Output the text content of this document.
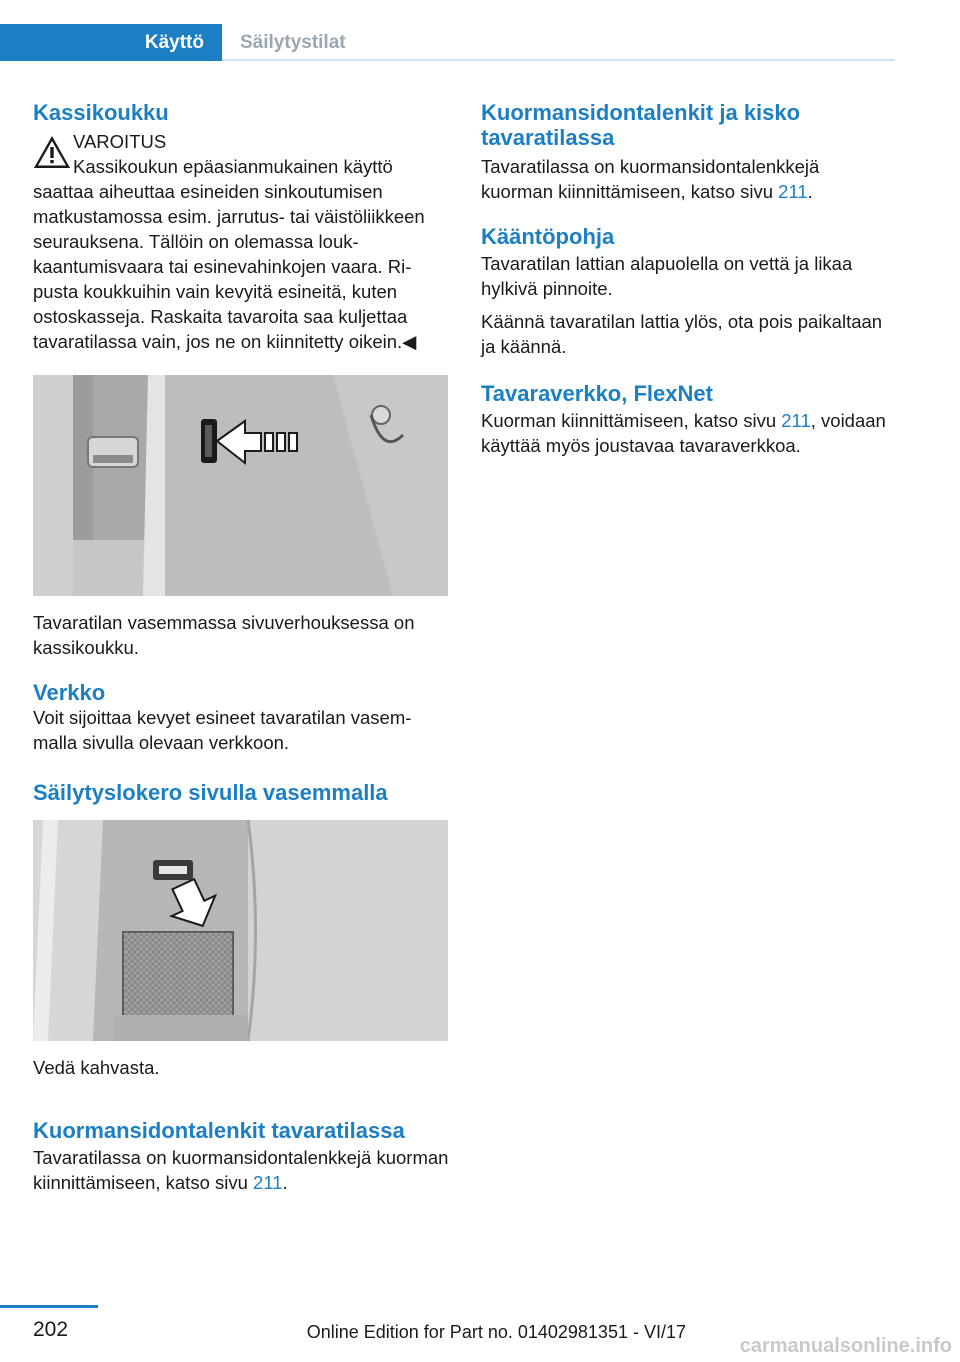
Käyttö Säilytystilat
Kassikoukku
VAROITUS
Kassikoukun epäasianmukainen käyttö

saattaa aiheuttaa esineiden sinkoutumisen matkustamossa esim. jarrutus- tai väistöliikkeen seurauksena. Tällöin on olemassa loukkaantumisvaara tai esinevahinkojen vaara. Ripusta koukkuihin vain kevyitä esineitä, kuten ostoskasseja. Raskaita tavaroita saa kuljettaa tavaratilassa vain, jos ne on kiinnitetty oikein.◀

Tavaratilan vasemmassa sivuverhouksessa on kassikoukku.

Verkko

Voit sijoittaa kevyet esineet tavaratilan vasemmalla sivulla olevaan verkkoon.

Säilytyslokero sivulla vasemmalla

Vedä kahvasta.

Kuormansidontalenkit tavaratilassa

Tavaratilassa on kuormansidontalenkkejä kuorman kiinnittämiseen, katso sivu 211.

Kuormansidontalenkit ja kisko tavaratilassa

Tavaratilassa on kuormansidontalenkkejä kuorman kiinnittämiseen, katso sivu 211.

Kääntöpohja

Tavaratilan lattian alapuolella on vettä ja likaa hylkivä pinnoite.

Käännä tavaratilan lattia ylös, ota pois paikaltaan ja käännä.

Tavaraverkko, FlexNet

Kuorman kiinnittämiseen, katso sivu 211, voidaan käyttää myös joustavaa tavaraverkkoa.

202	Online Edition for Part no. 01402981351 - VI/17
carmanualsonline.info
